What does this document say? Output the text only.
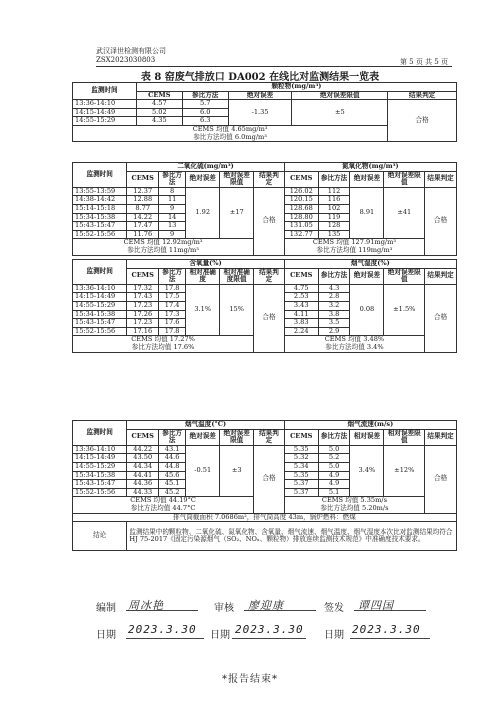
武汉泽世检测有限公司
ZSX2023030803	第 5 页 共 5 页
表 8 窑废气排放口 DA002 在线比对监测结果一览表
监测时间	颗粒物(mg/m³)				
	CEMS	参比方法	绝对误差	绝对误差限值	结果判定
13:36-14:10	4.57	5.7	-1.35	±5	合格
14:15-14:49	5.02	6.0			
14:55-15:29	4.35	6.3			
CEMS 均值 4.65mg/m³					
参比方法均值 6.0mg/m³					
监测时间	二氧化硫(mg/m³)					氮氧化物(mg/m³)				
	CEMS	参比方法	绝对误差	绝对误差限值	结果判定	CEMS	参比方法	绝对误差	绝对误差限值	结果判定
13:55-13:59	12.37	8	1.92	±17	合格	126.02	112	8.91	±41	合格
14:38-14:42	12.88	11				120.15	116			
15:14-15:18	8.77	9				128.68	102			
15:34-15:38	14.22	14				128.80	119			
15:43-15:47	17.47	13				131.05	128			
15:52-15:56	11.76	9				132.77	135			
CEMS 均值 12.92mg/m³						CEMS 均值 127.91mg/m³				
参比方法均值 11mg/m³						参比方法均值 119mg/m³				
监测时间	含氧量(%)					烟气湿度(%)				
	CEMS	参比方法	相对准确度	相对准确度限值	结果判定	CEMS	参比方法	绝对误差	绝对误差限值	结果判定
13:36-14:10	17.32	17.8	3.1%	15%	合格	4.75	4.3	0.08	±1.5%	合格
14:15-14:49	17.43	17.5				2.53	2.8			
14:55-15:29	17.23	17.4				3.43	3.2			
15:34-15:38	17.26	17.3				4.11	3.8			
15:43-15:47	17.23	17.6				3.83	3.5			
15:52-15:56	17.16	17.8				2.24	2.9			
CEMS 均值 17.27%						CEMS 均值 3.48%				
参比方法均值 17.6%						参比方法均值 3.4%				
监测时间	烟气温度(°C)					烟气流速(m/s)				
	CEMS	参比方法	绝对误差	绝对误差限值	结果判定	CEMS	参比方法	相对误差	相对误差限值	结果判定
13:36-14:10	44.22	43.1	-0.51	±3	合格	5.35	5.0	3.4%	±12%	合格
14:15-14:49	43.50	44.6				5.32	5.2			
14:55-15:29	44.34	44.8				5.34	5.0			
15:34-15:38	44.41	45.6				5.35	4.9			
15:43-15:47	44.36	45.1				5.37	4.9			
15:52-15:56	44.33	45.2				5.37	5.1			
CEMS 均值 44.19°C						CEMS 均值 5.35m/s				
参比方法均值 44.7°C						参比方法均值 5.20m/s				
排气筒截面积 7.0686m²，排气筒高度 43m，锅炉燃料：燃煤										
结论	监测结果中的颗粒物、二氧化硫、氮氧化物、含氧量、烟气流速、烟气温度、烟气湿度本次比对监测结果均符合 HJ 75-2017《固定污染源烟气（SO₂、NOₓ、颗粒物）排放连续监测技术规范》中准确度技术要求。									
编制 周冰艳	审核 廖迎康	签发 谭四国
日期 2023.3.30 日期 2023.3.30 日期 2023.3.30
*报告结束*
